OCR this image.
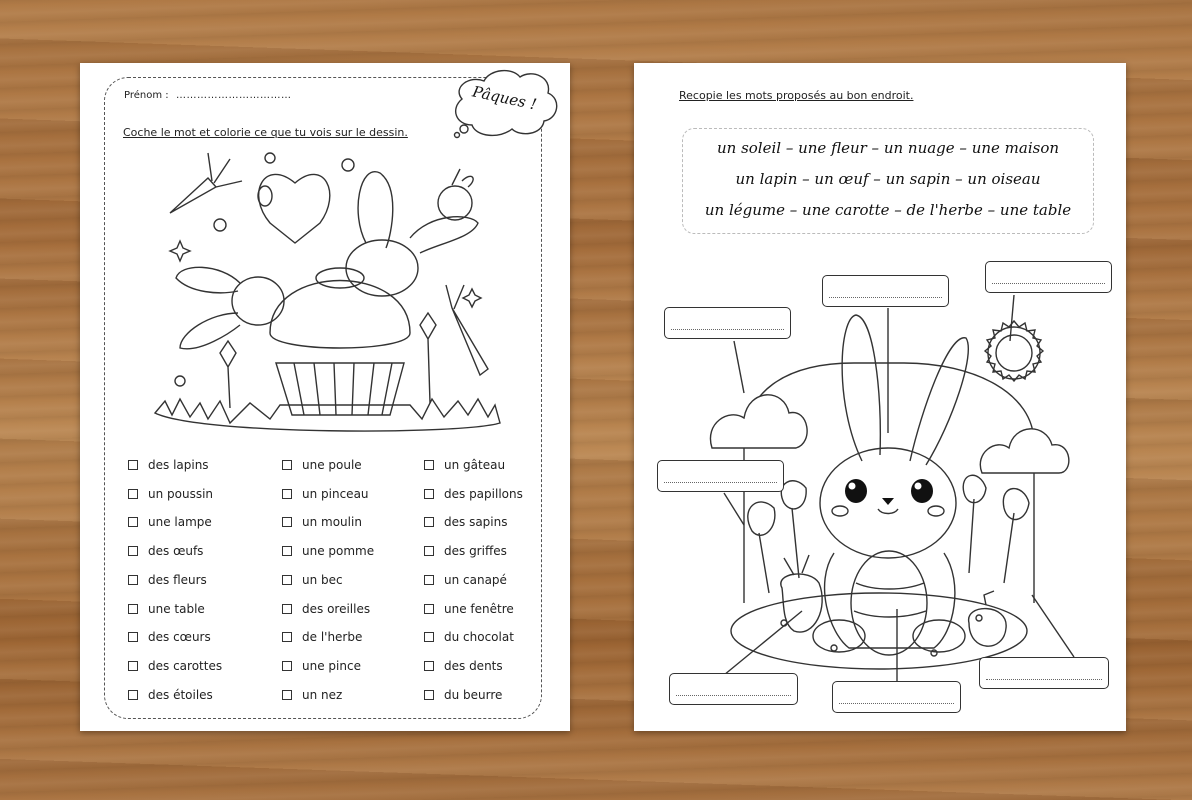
Prénom : ……………………………	Pâques !
Coche le mot et colorie ce que tu vois sur le dessin.
des lapins
un poussin
une lampe
des œufs
des fleurs
une table
des cœurs
des carottes
des étoiles
une poule
un pinceau
un moulin
une pomme
un bec
des oreilles
de l'herbe
une pince
un nez
un gâteau
des papillons
des sapins
des griffes
un canapé
une fenêtre
du chocolat
des dents
du beurre
Recopie les mots proposés au bon endroit.
un soleil – une fleur – un nuage – une maison
un lapin – un œuf – un sapin – un oiseau
un légume – une carotte – de l'herbe – une table
